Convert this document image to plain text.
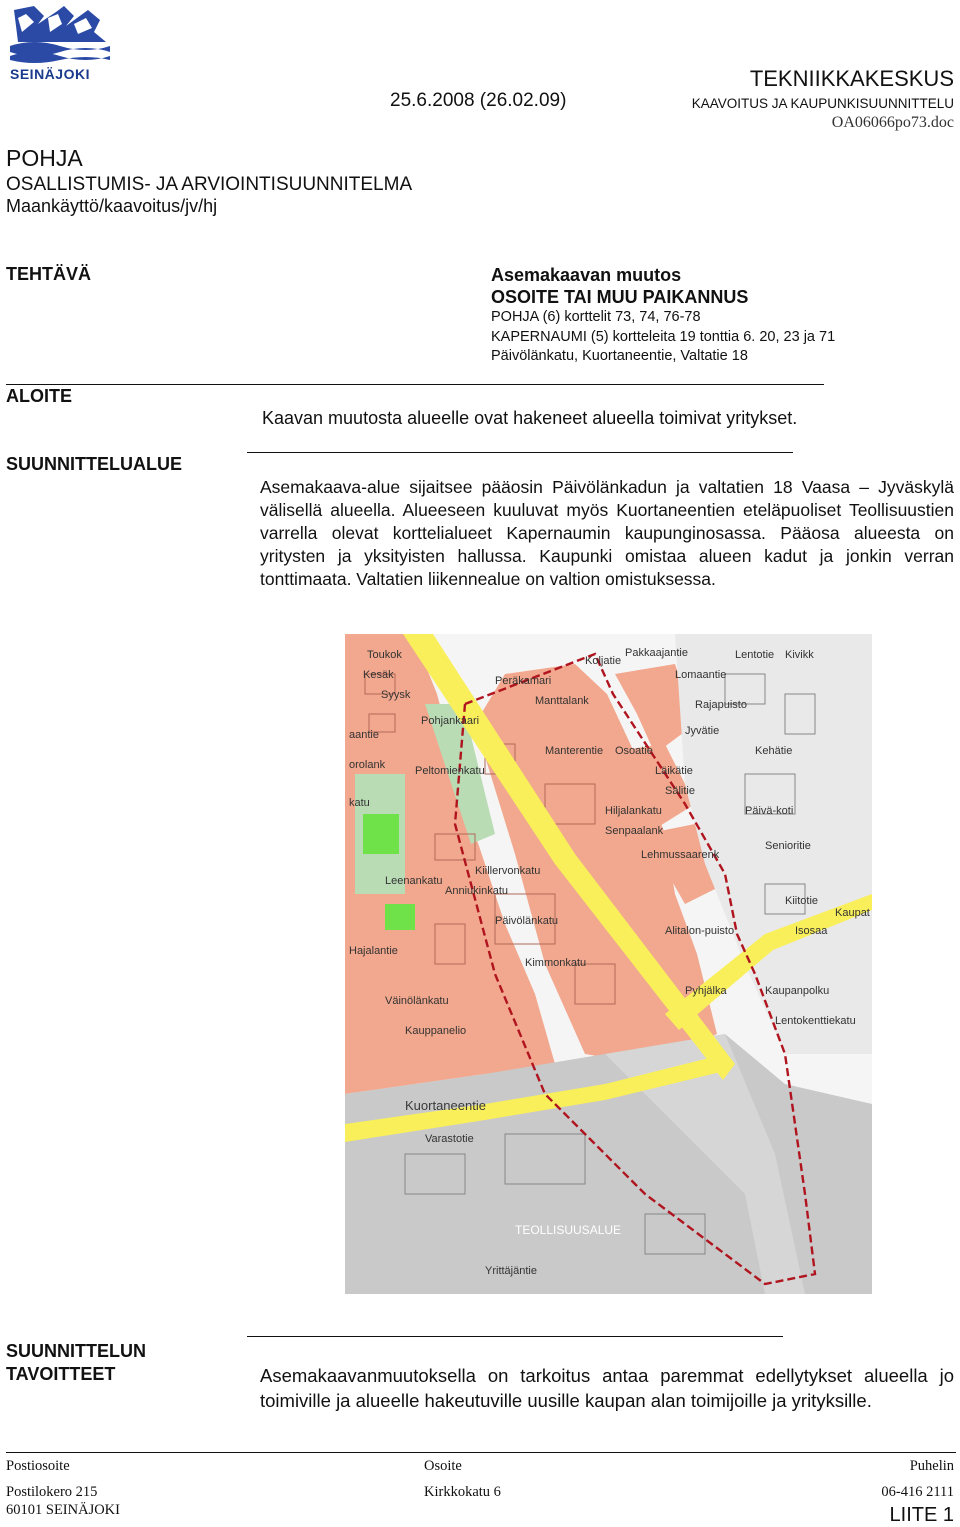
SEINÄJOKI
25.6.2008 (26.02.09)
TEKNIIKKAKESKUS
KAAVOITUS JA KAUPUNKISUUNNITTELU
OA06066po73.doc
POHJA
OSALLISTUMIS- JA ARVIOINTISUUNNITELMA
Maankäyttö/kaavoitus/jv/hj
TEHTÄVÄ	Asemakaavan muutos
OSOITE TAI MUU PAIKANNUS
POHJA (6) korttelit 73, 74, 76-78
KAPERNAUMI (5) kortteleita 19 tonttia 6. 20, 23 ja 71
Päivölänkatu, Kuortaneentie, Valtatie 18
ALOITE
Kaavan muutosta alueelle ovat hakeneet alueella toimivat yritykset.
SUUNNITTELUALUE
Asemakaava-alue sijaitsee pääosin Päivölänkadun ja valtatien 18 Vaasa – Jyväskylä välisellä alueella. Alueeseen kuuluvat myös Kuortaneentien eteläpuoliset Teollisuustien varrella olevat korttelialueet Kapernaumin kaupunginosassa. Pääosa alueesta on yritysten ja yksityisten hallussa. Kaupunki omistaa alueen kadut ja jonkin verran tonttimaata. Valtatien liikennealue on valtion omistuksessa.
Toukok
Kesäk
Syysk
aantie
orolank
katu
Hajalantie
Leenankatu
Peltomienkatu
Anniukinkatu
Pohjankaari
Peräkamari
Manttalank
Koljatie
Pakkaajantie
Lomaantie
Rajapuisto
Lentotie Kivikk
Jyvätie
Manterentie Osoatie	Kehätie
Läikätie
Sälitie
Hiljalankatu
Senpaalank
Lehmussaarenk
Senioritie
Päivä-koti
Kiillervonkatu
Päivölänkatu
Kimmonkatu
Alitalon-puisto
Pyhjälka
Väinölänkatu
Kauppanelio
Kaupanpolku
Isosaa
Kiitotie
Kaupat
Lentokenttiekatu
Kuortaneentie
Varastotie
TEOLLISUUSALUE
Yrittäjäntie
SUUNNITTELUN
TAVOITTEET	Asemakaavanmuutoksella on tarkoitus antaa paremmat edellytykset alueella jo toimiville ja alueelle hakeutuville uusille kaupan alan toimijoille ja yrityksille.
Postiosoite	Osoite	Puhelin
Postilokero 215	Kirkkokatu 6	06-416 2111
60101 SEINÄJOKI	LIITE 1
